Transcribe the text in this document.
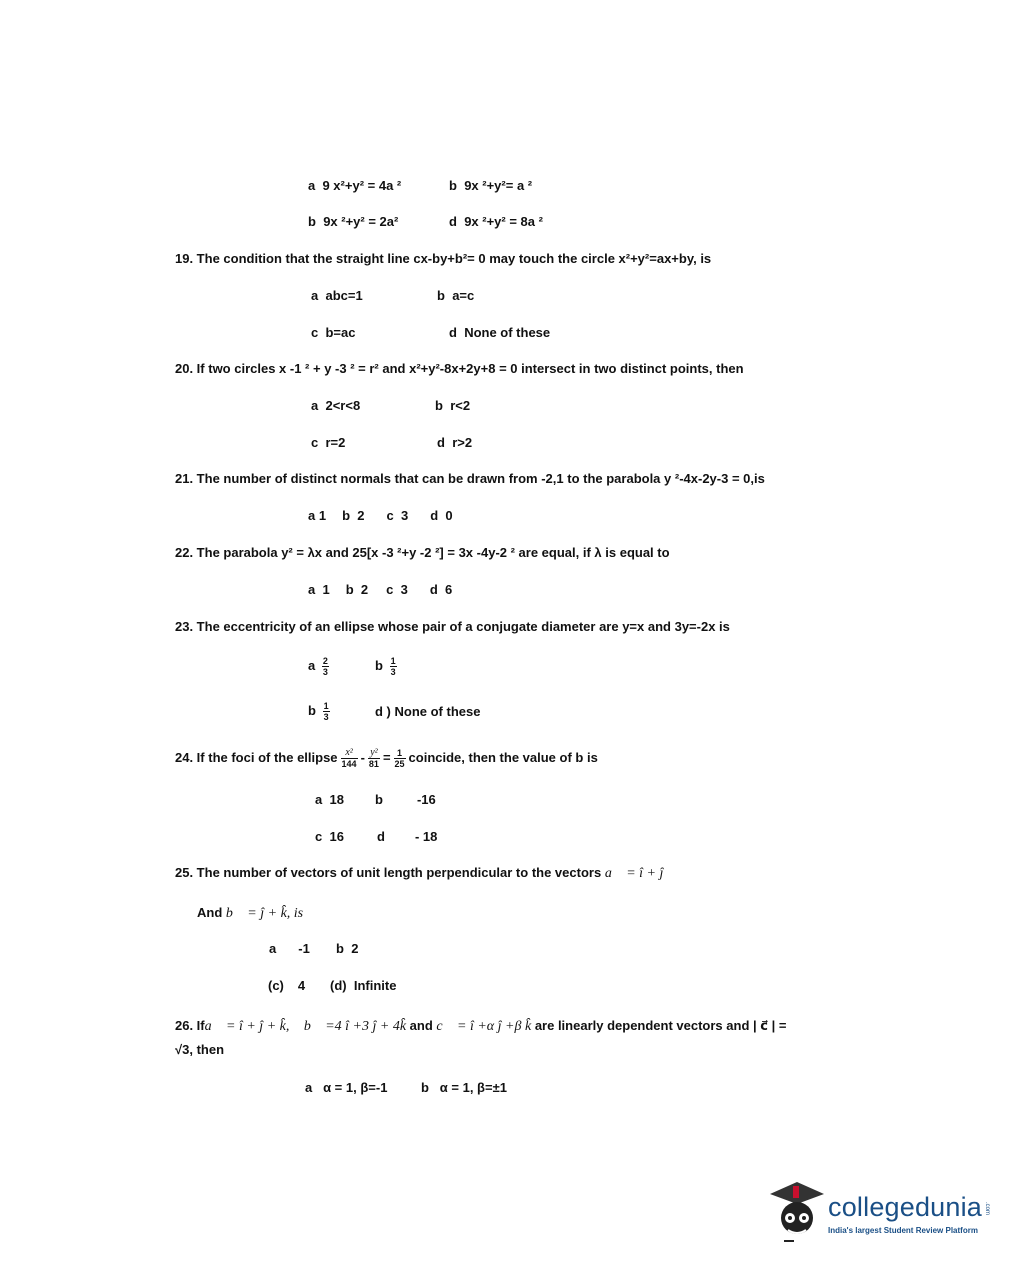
a 9 x²+y² = 4a ²	b 9x ²+y²= a ²
b 9x ²+y² = 2a²	d 9x ²+y² = 8a ²
19. The condition that the straight line cx-by+b²= 0 may touch the circle x²+y²=ax+by, is
a abc=1	b a=c
c b=ac	d None of these
20. If two circles x -1 ² + y -3 ² = r² and x²+y²-8x+2y+8 = 0 intersect in two distinct points, then
a 2<r<8	b r<2
c r=2	d r>2
21. The number of distinct normals that can be drawn from -2,1 to the parabola y ²-4x-2y-3 = 0,is
a 1 b 2 c 3 d 0
22. The parabola y² = λx and 25[x -3 ²+y -2 ²] = 3x -4y-2 ² are equal, if λ is equal to
a 1 b 2 c 3 d 6
23. The eccentricity of an ellipse whose pair of a conjugate diameter are y=x and 3y=-2x is
a $\frac{2}{3}$	b $\frac{1}{3}$
b $\frac{1}{3}$	d ) None of these
24. If the foci of the ellipse $\frac{\text{x²}}{144} - \frac{\text{y²}}{81} = \frac{1}{25}$ coincide, then the value of b is
a 18 b	-16
c 16	d - 18
25. The number of vectors of unit length perpendicular to the vectors a⃗ = î + ĵ
And b⃗ = ĵ + k̂, is
a -1 b 2
(c) 4 (d) Infinite
26. Ifa⃗ = î + ĵ + k̂, b⃗ =4 î +3 ĵ + 4k̂ and c⃗ = î +α ĵ +β k̂ are linearly dependent vectors and | c⃗ | =
√3, then
a α = 1, β=-1	b α = 1, β=±1
collegedunia .com
India's largest Student Review Platform
